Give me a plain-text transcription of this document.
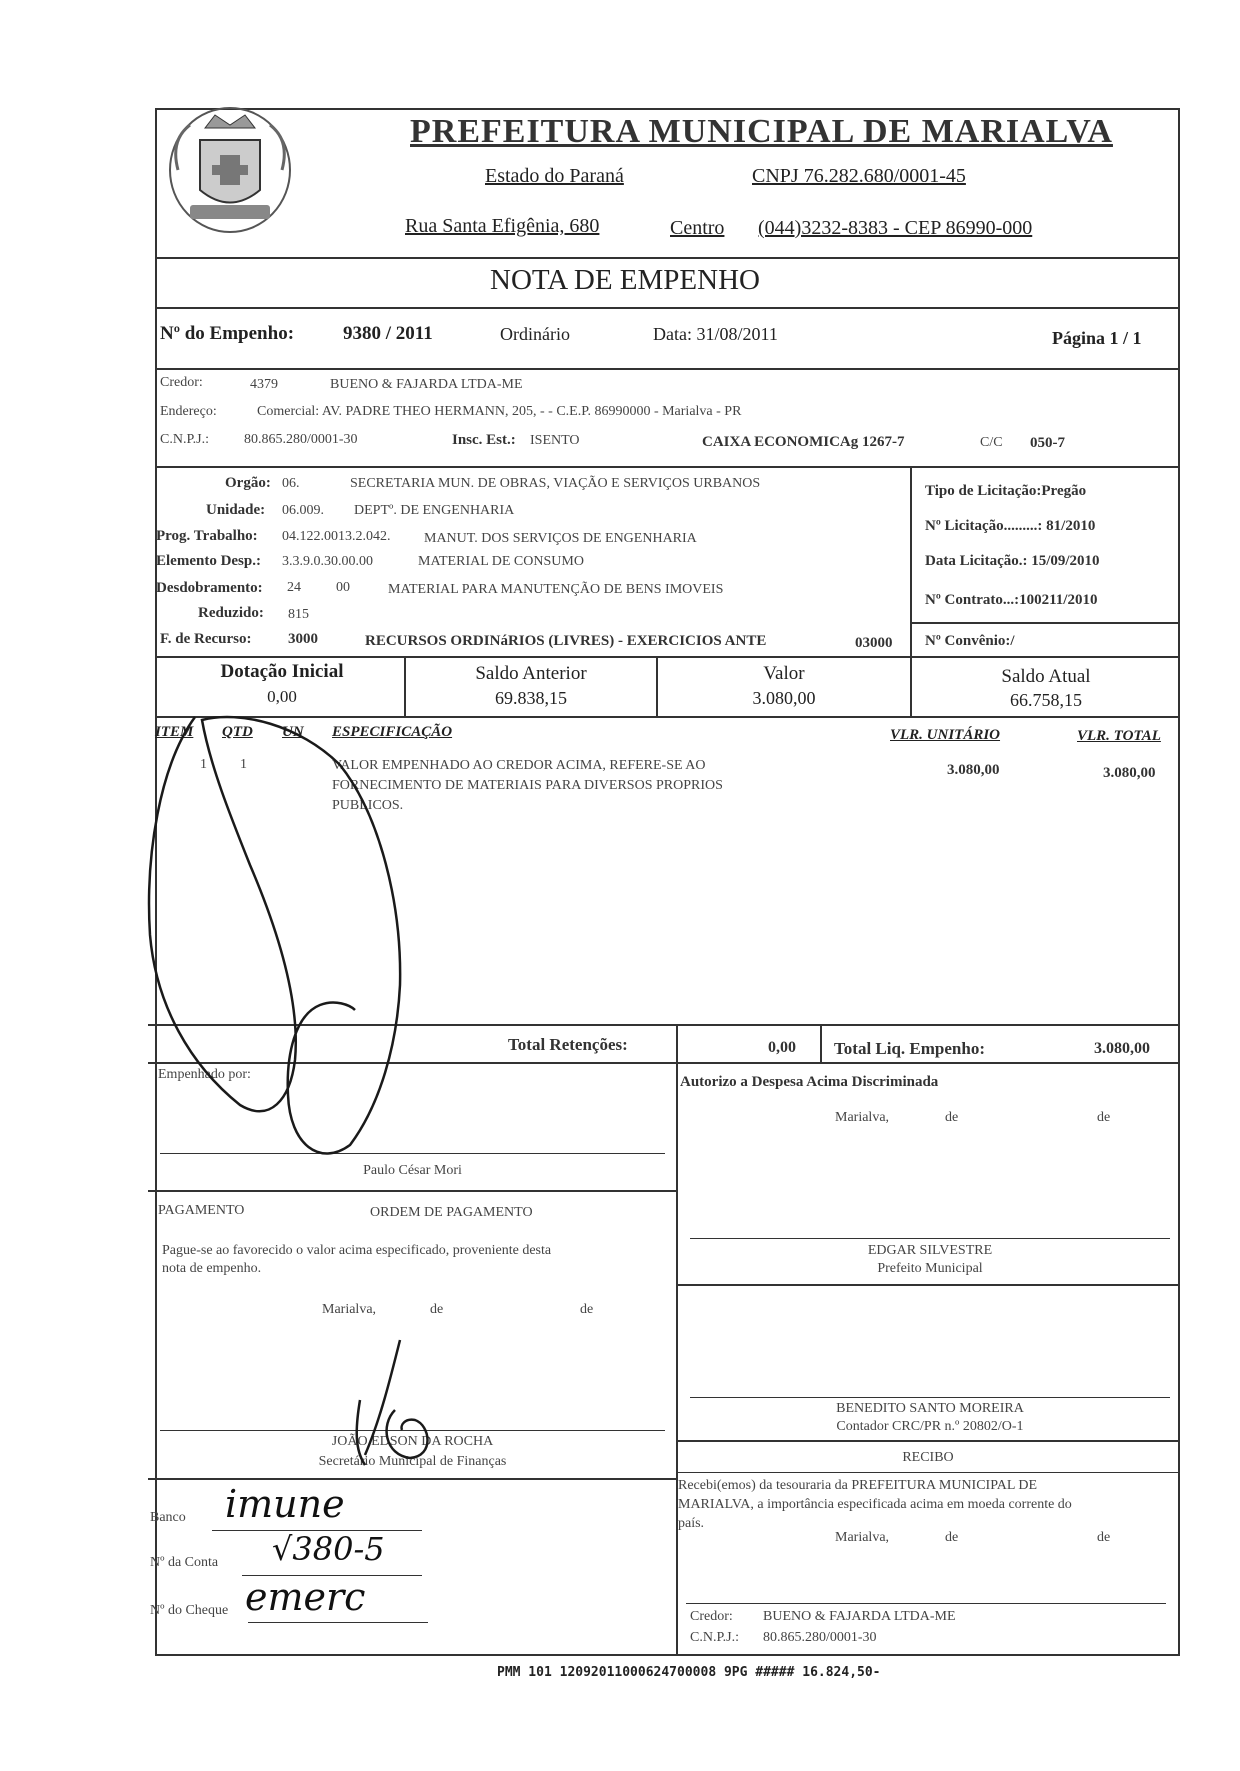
PREFEITURA MUNICIPAL DE MARIALVA
Estado do Paraná	CNPJ 76.282.680/0001-45
Rua Santa Efigênia, 680	Centro (044)3232-8383 - CEP 86990-000
NOTA DE EMPENHO
Nº do Empenho:	9380 / 2011	Ordinário	Data: 31/08/2011	Página 1 / 1
Credor:	4379	BUENO & FAJARDA LTDA-ME
Endereço:	Comercial: AV. PADRE THEO HERMANN, 205, - - C.E.P. 86990000 - Marialva - PR
C.N.P.J.: 80.865.280/0001-30	Insc. Est.: ISENTO	CAIXA ECONOMICAg 1267-7	C/C 050-7
Orgão: 06.	SECRETARIA MUN. DE OBRAS, VIAÇÃO E SERVIÇOS URBANOS
Unidade: 06.009. DEPTº. DE ENGENHARIA
Prog. Trabalho: 04.122.0013.2.042. MANUT. DOS SERVIÇOS DE ENGENHARIA
Elemento Desp.: 3.3.9.0.30.00.00	MATERIAL DE CONSUMO
Desdobramento: 24	00	MATERIAL PARA MANUTENÇÃO DE BENS IMOVEIS
Reduzido: 815
F. de Recurso: 3000	RECURSOS ORDINáRIOS (LIVRES) - EXERCICIOS ANTE	03000
Tipo de Licitação:Pregão
Nº Licitação.........: 81/2010
Data Licitação.: 15/09/2010
Nº Contrato...:100211/2010
Nº Convênio:/
Dotação Inicial
0,00
Saldo Anterior
69.838,15
Valor
3.080,00
Saldo Atual
66.758,15
ITEM QTD UN ESPECIFICAÇÃO	VLR. UNITÁRIO	VLR. TOTAL
1 1	VALOR EMPENHADO AO CREDOR ACIMA, REFERE-SE AO
FORNECIMENTO DE MATERIAIS PARA DIVERSOS PROPRIOS
PUBLICOS.
3.080,00	3.080,00
Total Retenções:	0,00 Total Liq. Empenho:	3.080,00
Empenhado por:
Paulo César Mori
Autorizo a Despesa Acima Discriminada
Marialva,	de	de
EDGAR SILVESTRE
Prefeito Municipal
PAGAMENTO	ORDEM DE PAGAMENTO
Pague-se ao favorecido o valor acima especificado, proveniente desta
nota de empenho.
Marialva,	de	de
JOÃO EDSON DA ROCHA
Secretário Municipal de Finanças
BENEDITO SANTO MOREIRA
Contador CRC/PR n.º 20802/O-1
RECIBO
Recebi(emos) da tesouraria da PREFEITURA MUNICIPAL DE
MARIALVA, a importância especificada acima em moeda corrente do
país.
Marialva,	de	de
Credor: BUENO & FAJARDA LTDA-ME
C.N.P.J.: 80.865.280/0001-30
Banco imune
Nº da Conta √380-5
Nº do Cheque emerc
PMM 101 12092011000624700008 9PG ##### 16.824,50-
